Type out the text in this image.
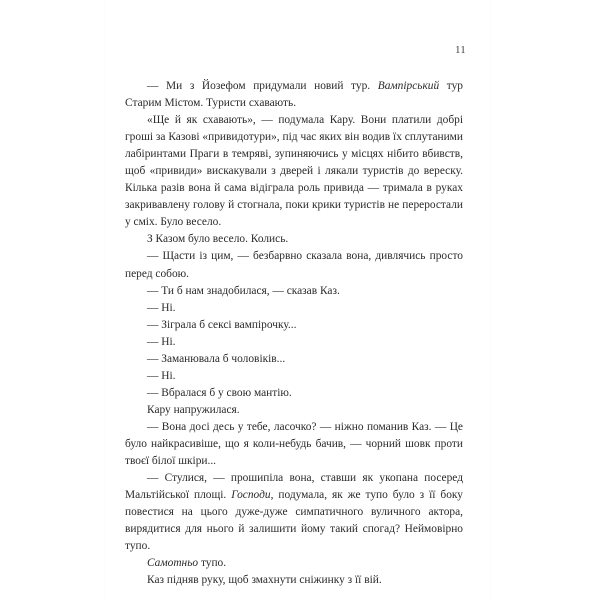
11

— Ми з Йозефом придумали новий тур. Вампірський тур Старим Містом. Туристи схавають.

«Ще й як схавають», — подумала Кару. Вони платили добрі гроші за Казові «привидотури», під час яких він водив їх сплутаними лабіринтами Праги в темряві, зупиняючись у місцях нібито вбивств, щоб «привиди» вискакували з дверей і лякали туристів до вереску. Кілька разів вона й сама відіграла роль привида — тримала в руках закривавлену голову й стогнала, поки крики туристів не переростали у сміх. Було весело.

З Казом було весело. Колись.

— Щасти із цим, — безбарвно сказала вона, дивлячись просто перед собою.

— Ти б нам знадобилася, — сказав Каз.

— Ні.

— Зіграла б сексі вампірочку...

— Ні.

— Заманювала б чоловіків...

— Ні.

— Вбралася б у свою мантію.

Кару напружилася.

— Вона досі десь у тебе, ласочко? — ніжно поманив Каз. — Це було найкрасивіше, що я коли-небудь бачив, — чорний шовк проти твоєї білої шкіри...

— Стулися, — прошипіла вона, ставши як укопана посеред Мальтійської площі. Господи, подумала, як же тупо було з її боку повестися на цього дуже-дуже симпатичного вуличного актора, вирядитися для нього й залишити йому такий спогад? Неймовірно тупо.

Самотньо тупо.

Каз підняв руку, щоб змахнути сніжинку з її вій.
